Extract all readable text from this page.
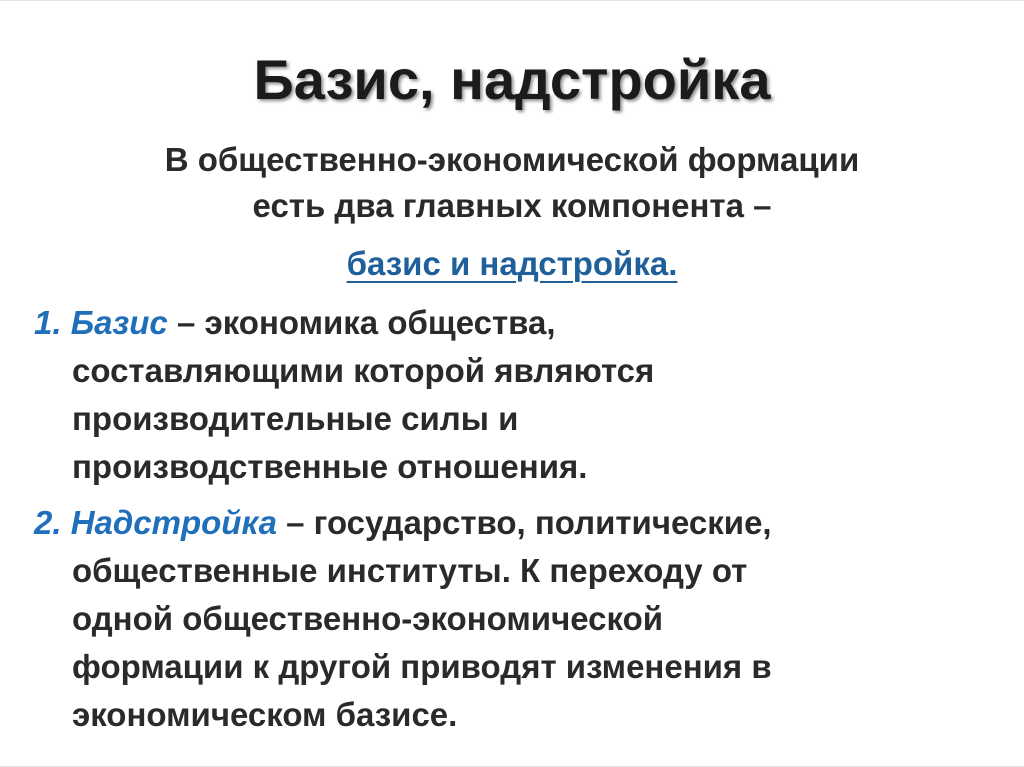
Базис, надстройка
В общественно-экономической формации
есть два главных компонента –
базис и надстройка.
1. Базис – экономика общества,
составляющими которой являются
производительные силы и
производственные отношения.
2. Надстройка – государство, политические,
общественные институты. К переходу от
одной общественно-экономической
формации к другой приводят изменения в
экономическом базисе.
